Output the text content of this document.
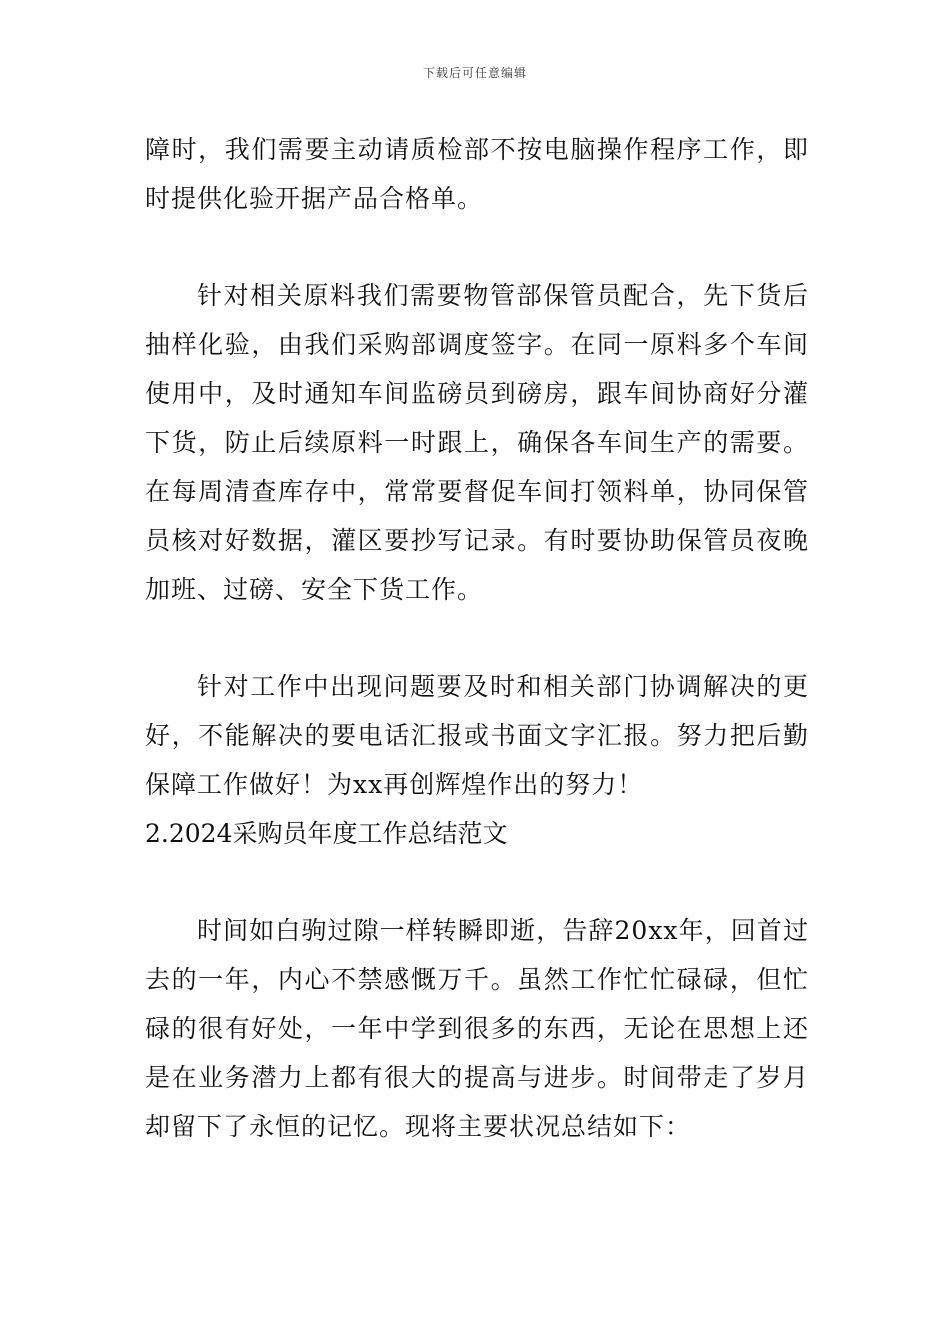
下载后可任意编辑

障时，我们需要主动请质检部不按电脑操作程序工作，即时提供化验开据产品合格单。

针对相关原料我们需要物管部保管员配合，先下货后抽样化验，由我们采购部调度签字。在同一原料多个车间使用中，及时通知车间监磅员到磅房，跟车间协商好分灌下货，防止后续原料一时跟上，确保各车间生产的需要。在每周清查库存中，常常要督促车间打领料单，协同保管员核对好数据，灌区要抄写记录。有时要协助保管员夜晚加班、过磅、安全下货工作。

针对工作中出现问题要及时和相关部门协调解决的更好，不能解决的要电话汇报或书面文字汇报。努力把后勤保障工作做好！为xx再创辉煌作出的努力！

2.2024采购员年度工作总结范文

时间如白驹过隙一样转瞬即逝，告辞20xx年，回首过去的一年，内心不禁感慨万千。虽然工作忙忙碌碌，但忙碌的很有好处，一年中学到很多的东西，无论在思想上还是在业务潜力上都有很大的提高与进步。时间带走了岁月却留下了永恒的记忆。现将主要状况总结如下：
